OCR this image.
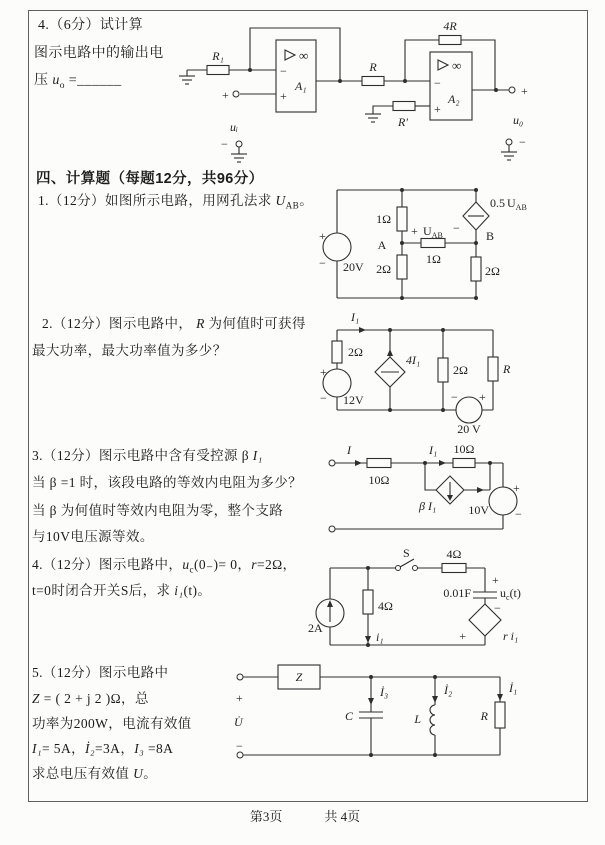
4.（6分）试计算
图示电路中的输出电
压 $u_o$ =______
R₁	∞
−
+
A₁
R
4R
∞
−
+
A₂
+
u₀
−
R′
+
uᵢ
−
四、计算题（每题12分，共96分）
1.（12分）如图所示电路，用网孔法求 $U_{AB}$。
2.（12分）图示电路中， R 为何值时可获得
最大功率，最大功率值为多少？
3.（12分）图示电路中含有受控源 β I₁
当 β =1 时，该段电路的等效内电阻为多少？
当 β 为何值时等效内电阻为零，整个支路
与10V电压源等效。
4.（12分）图示电路中，$u_c(0_-)= 0$，r=2Ω，
t=0时闭合开关S后，求 i₁(t)。
5.（12分）图示电路中
Z = ( 2 + j 2 )Ω，总
功率为200W，电流有效值
I₁= 5A，İ₂=3A，I₃ =8A
求总电压有效值 U。
+
− 20V
1Ω
2Ω
A
1Ω
+ $U_{AB}$
−
B
0.5 $U_{AB}$
2Ω
I₁
2Ω
+
− 12V	− +
20 V
4I₁
2Ω	R
I
10Ω
I₁ 10Ω
+
−
10V
β I₁
2A
S	4Ω
+
0.01F $u_c(t)$
−
+	r i₁
4Ω
i₁
+
U̇
−
Z
İ₃
C
İ₂
L
İ₁
R
第3页	共 4页
